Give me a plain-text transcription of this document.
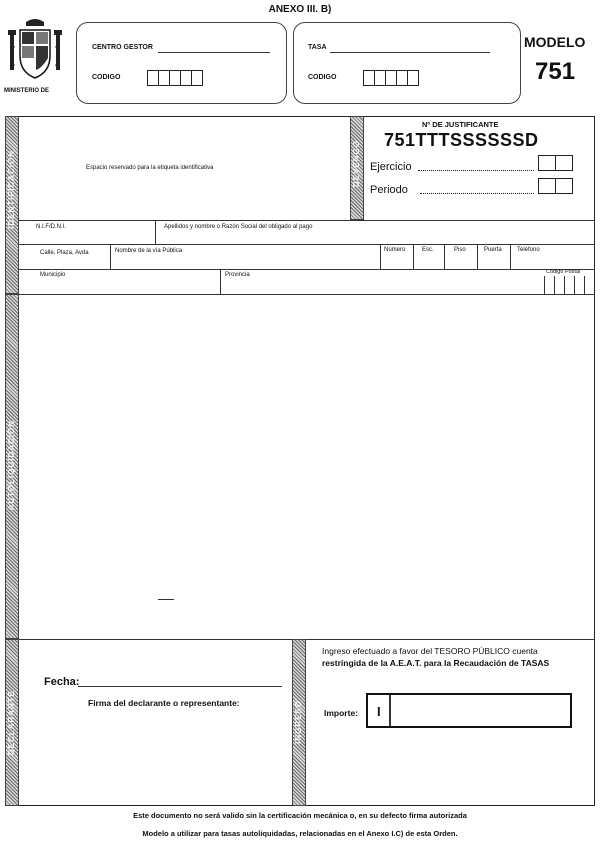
ANEXO III. B)
MINISTERIO DE
CENTRO GESTOR
CODIGO
TASA
CODIGO
MODELO
751
IDENTIFICACIÓN	Espacio reservado para la etiqueta identificativa	DEVENGO
Nº DE JUSTIFICANTE
751TTTSSSSSSD
Ejercicio
Periodo
N.I.F/D.N.I.	Apellidos y nombre o Razón Social del obligado al pago
Calle, Plaza, Avda	Nombre de la vía Pública	Número	Esc.	Piso	Puerta	Teléfono
Municipio	Provincia	Código Postal
AUTOLIQUIDACIÓN
DECLARANTE
Fecha:
Firma del declarante o representante:	INGRESO
Ingreso efectuado a favor del TESORO PÚBLICO cuenta
restringida de la A.E.A.T. para la Recaudación de TASAS
Importe: I
Este documento no será valido sin la certificación mecánica o, en su defecto firma autorizada
Modelo a utilizar para tasas autoliquidadas, relacionadas en el Anexo I.C) de esta Orden.
